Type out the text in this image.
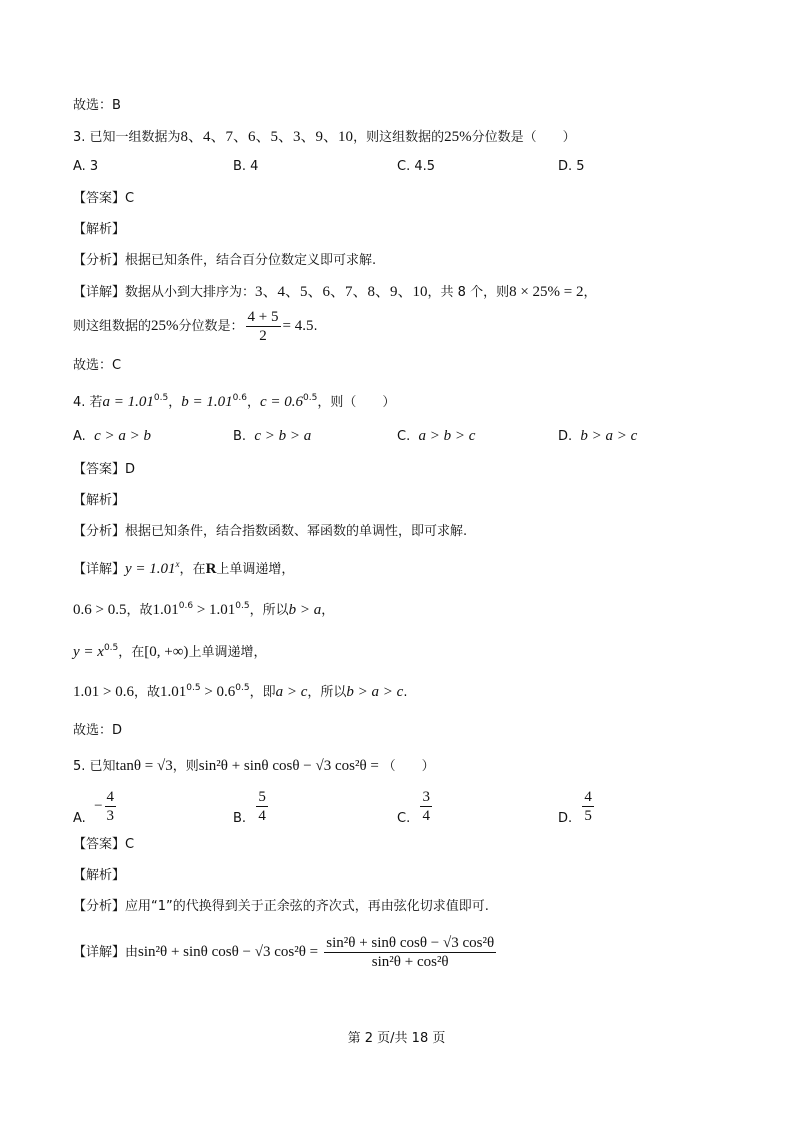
故选：B
3. 已知一组数据为8、4、7、6、5、3、9、10，则这组数据的25%分位数是（　　）
A. 3	B. 4	C. 4.5	D. 5
【答案】C
【解析】
【分析】根据已知条件，结合百分位数定义即可求解.
【详解】数据从小到大排序为：3、4、5、6、7、8、9、10，共 8 个，则8 × 25% = 2，
则这组数据的25%分位数是： $\frac{4 + 5}{2} = 4.5$.
故选：C
4. 若$a = 1.01^{0.5}$，$b = 1.01^{0.6}$，$c = 0.6^{0.5}$，则（　　）
A. c > a > b	B. c > b > a	C. a > b > c	D. b > a > c
【答案】D
【解析】
【分析】根据已知条件，结合指数函数、幂函数的单调性，即可求解.
【详解】$y = 1.01^x$，在R上单调递增，
0.6 > 0.5，故$1.01^{0.6} > 1.01^{0.5}$，所以b > a，
$y = x^{0.5}$，在[0, +∞)上单调递增，
1.01 > 0.6，故$1.01^{0.5} > 0.6^{0.5}$，即a > c，所以b > a > c.
故选：D
5. 已知tanθ = √3，则sin²θ + sinθ cosθ − √3 cos²θ = （　　）
A.  − $\frac{4}{3}$	B. $\frac{5}{4}$	C. $\frac{3}{4}$	D. $\frac{4}{5}$
【答案】C
【解析】
【分析】应用“1”的代换得到关于正余弦的齐次式，再由弦化切求值即可.
【详解】由sin²θ + sinθ cosθ − √3 $\cos^2\theta = \frac{\text{sin²θ + sinθ cosθ − √3 cos²θ}}{\text{sin²θ + cos²θ}}$
第 2 页/共 18 页
